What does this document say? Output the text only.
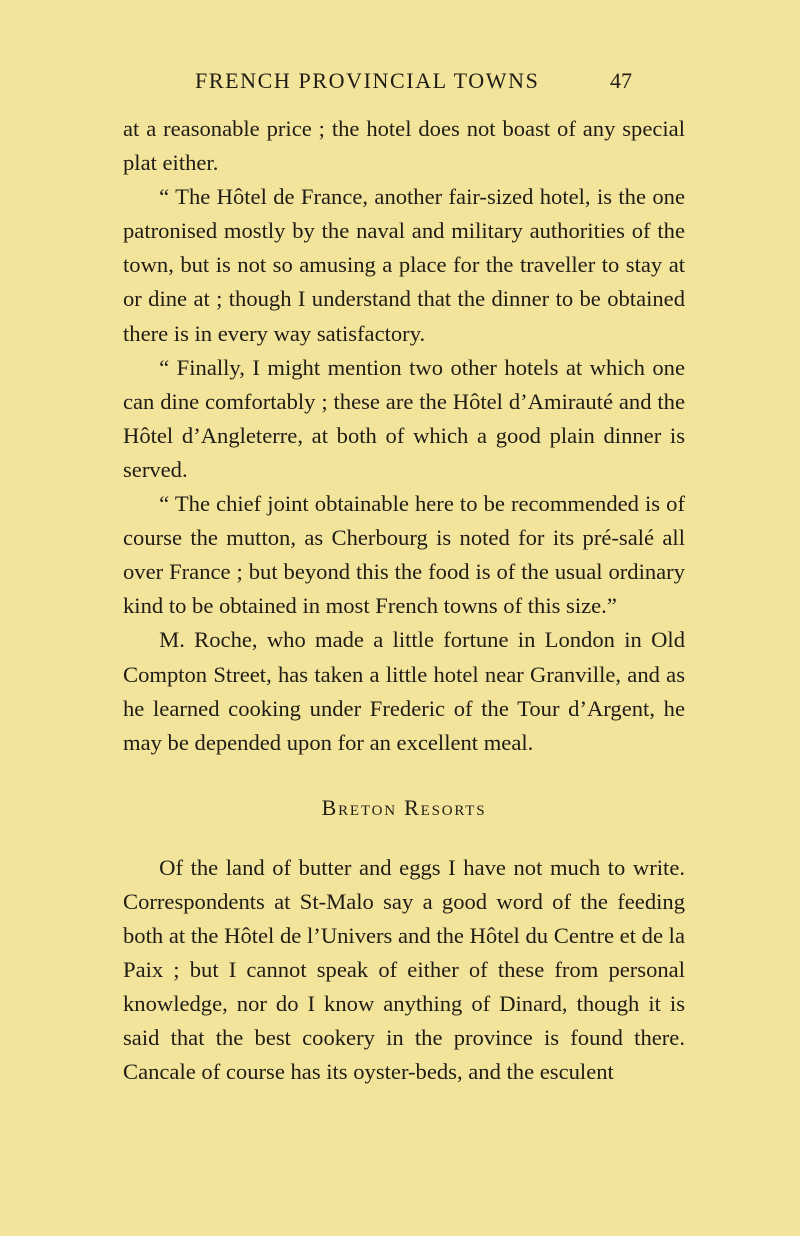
FRENCH PROVINCIAL TOWNS	47

at a reasonable price ; the hotel does not boast of any special plat either.

“ The Hôtel de France, another fair-sized hotel, is the one patronised mostly by the naval and military authorities of the town, but is not so amusing a place for the traveller to stay at or dine at ; though I understand that the dinner to be obtained there is in every way satisfactory.

“ Finally, I might mention two other hotels at which one can dine comfortably ; these are the Hôtel d’Amirauté and the Hôtel d’Angleterre, at both of which a good plain dinner is served.

“ The chief joint obtainable here to be recommended is of course the mutton, as Cherbourg is noted for its pré-salé all over France ; but beyond this the food is of the usual ordinary kind to be obtained in most French towns of this size.”

M. Roche, who made a little fortune in London in Old Compton Street, has taken a little hotel near Granville, and as he learned cooking under Frederic of the Tour d’Argent, he may be depended upon for an excellent meal.

Breton Resorts

Of the land of butter and eggs I have not much to write. Correspondents at St-Malo say a good word of the feeding both at the Hôtel de l’Univers and the Hôtel du Centre et de la Paix ; but I cannot speak of either of these from personal knowledge, nor do I know anything of Dinard, though it is said that the best cookery in the province is found there. Cancale of course has its oyster-beds, and the esculent
